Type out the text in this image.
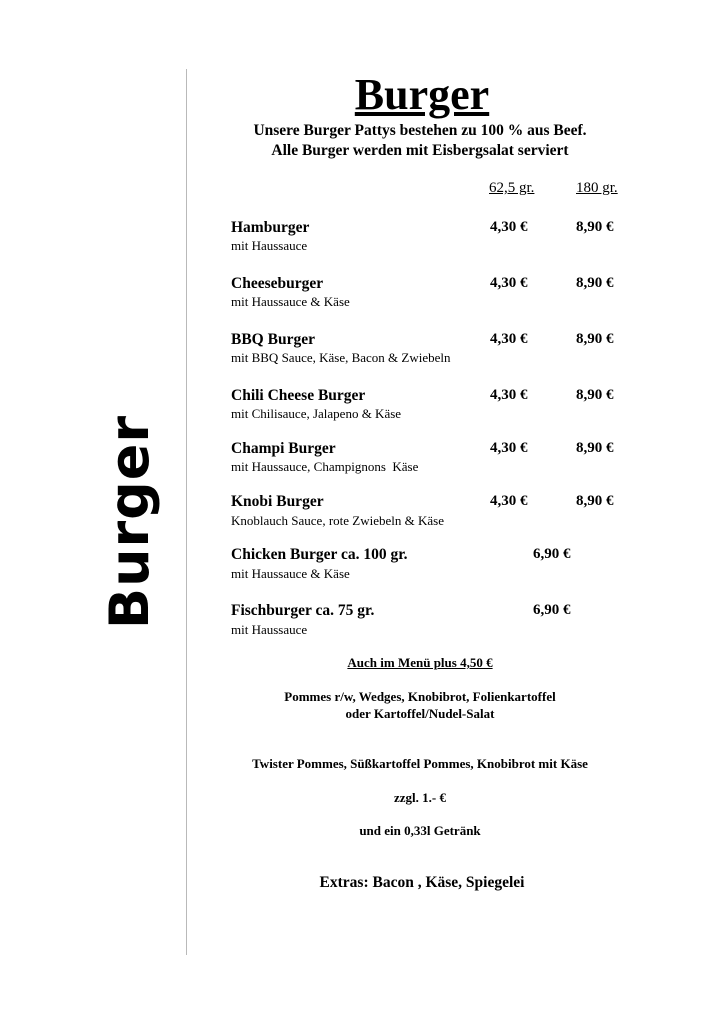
Burger
Burger
Unsere Burger Pattys bestehen zu 100 % aus Beef.
Alle Burger werden mit Eisbergsalat serviert
62,5 gr.	180 gr.
Hamburger
mit Haussauce
4,30 €	8,90 €
Cheeseburger
mit Haussauce & Käse
4,30 €	8,90 €
BBQ Burger
mit BBQ Sauce, Käse, Bacon & Zwiebeln
4,30 €	8,90 €
Chili Cheese Burger
mit Chilisauce, Jalapeno & Käse
4,30 €	8,90 €
Champi Burger
mit Haussauce, Champignons  Käse
4,30 €	8,90 €
Knobi Burger
Knoblauch Sauce, rote Zwiebeln & Käse
4,30 €	8,90 €
Chicken Burger ca. 100 gr.
mit Haussauce & Käse
6,90 €
Fischburger ca. 75 gr.
mit Haussauce
6,90 €
Auch im Menü plus 4,50 €
Pommes r/w, Wedges, Knobibrot, Folienkartoffel
oder Kartoffel/Nudel-Salat
Twister Pommes, Süßkartoffel Pommes, Knobibrot mit Käse
zzgl. 1.- €
und ein 0,33l Getränk
Extras: Bacon , Käse, Spiegelei
